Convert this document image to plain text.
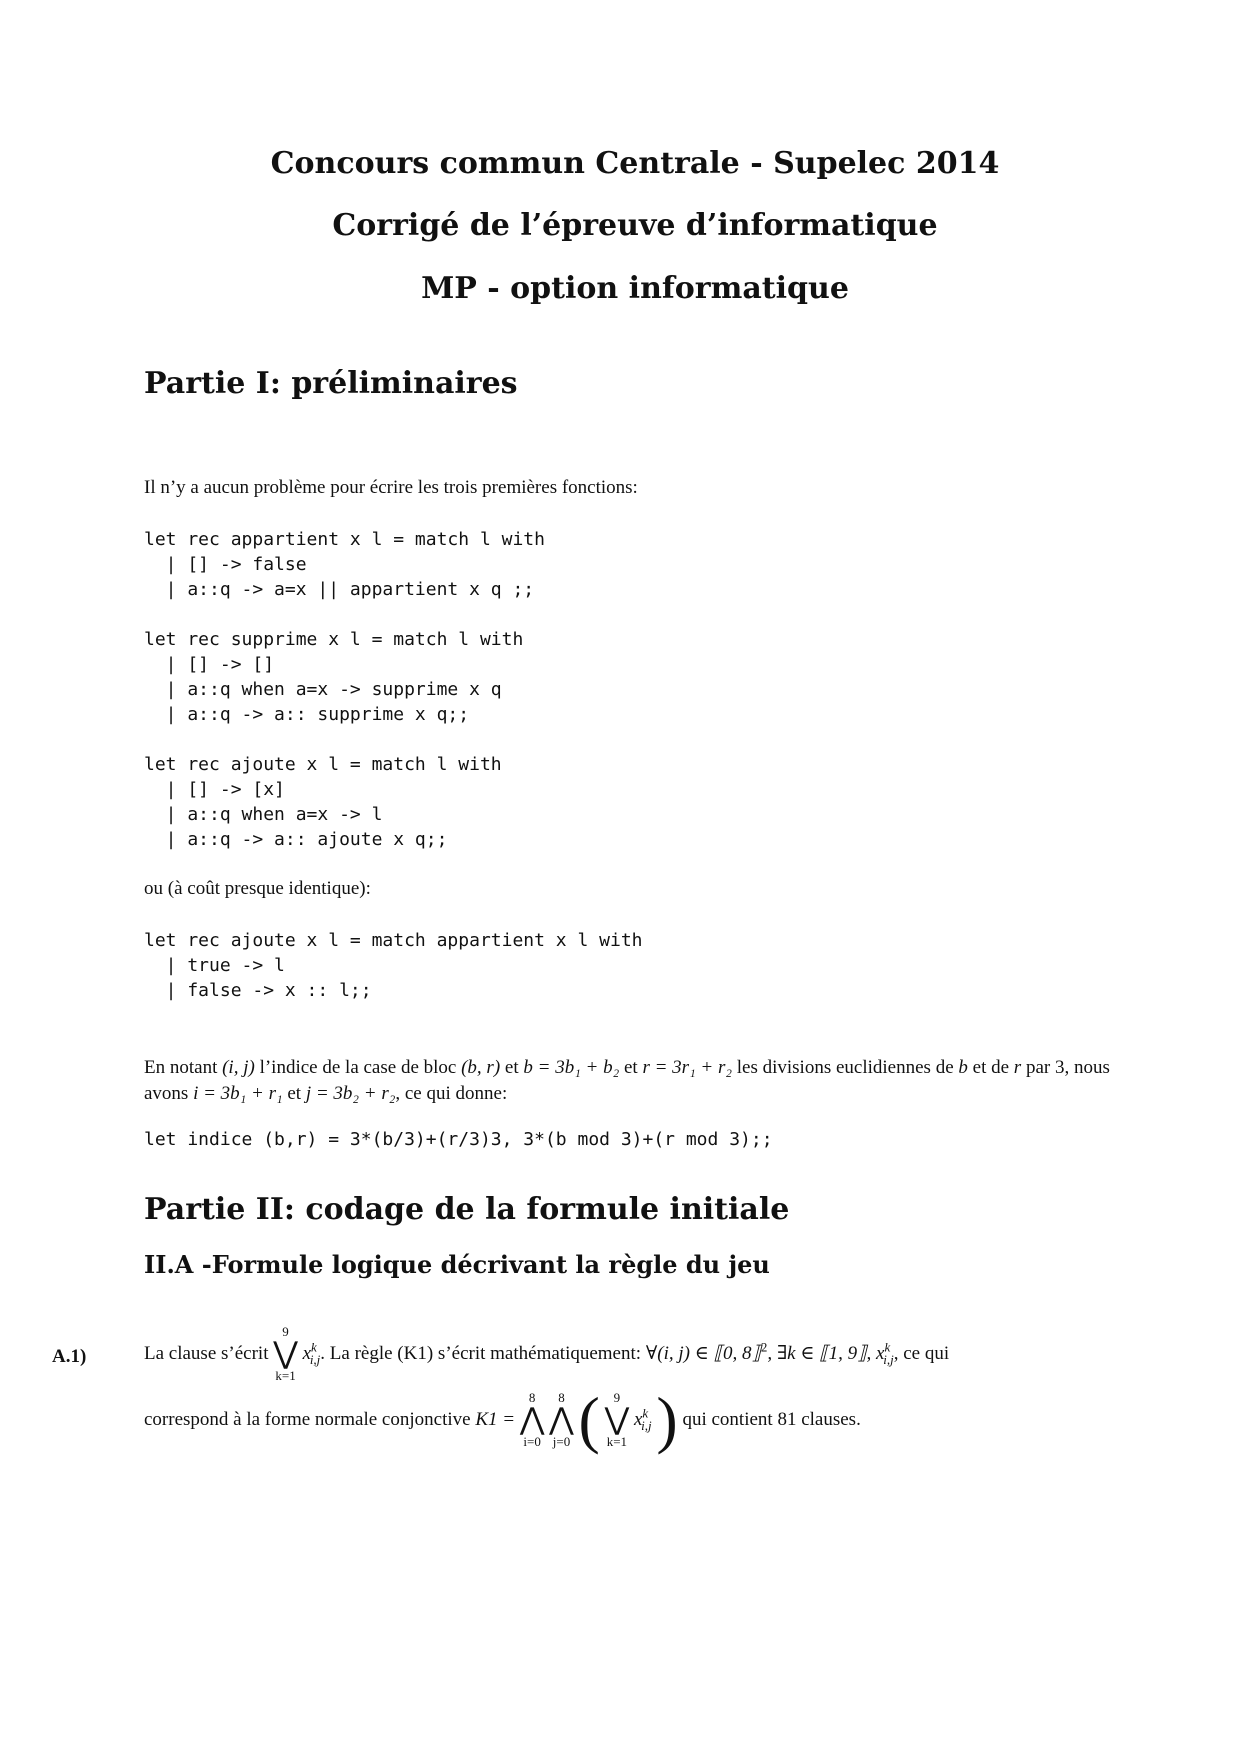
Concours commun Centrale - Supelec 2014
Corrigé de l’épreuve d’informatique
MP - option informatique
Partie I: préliminaires
Il n’y a aucun problème pour écrire les trois premières fonctions:
let rec appartient x l = match l with
| [] -> false
| a::q -> a=x || appartient x q ;;

let rec supprime x l = match l with
| [] -> []
| a::q when a=x -> supprime x q
| a::q -> a:: supprime x q;;

let rec ajoute x l = match l with
| [] -> [x]
| a::q when a=x -> l
| a::q -> a:: ajoute x q;;
ou (à coût presque identique):
let rec ajoute x l = match appartient x l with
| true -> l
| false -> x :: l;;
En notant (i, j) l’indice de la case de bloc (b, r) et b = 3b₁ + b₂ et r = 3r₁ + r₂ les divisions euclidiennes de b et de r par 3, nous avons i = 3b₁ + r₁ et j = 3b₂ + r₂, ce qui donne:
let indice (b,r) = 3*(b/3)+(r/3)3, 3*(b mod 3)+(r mod 3);;
Partie II: codage de la formule initiale
II.A -Formule logique décrivant la règle du jeu
A.1)	La clause s’écrit
9
⋁
k=1
$x^k_{i,j}$. La règle (K1) s’écrit mathématiquement: ∀(i, j) ∈ ⟦0, 8⟧$^2$, ∃k ∈ ⟦1, 9⟧, $x^k_{i,j}$, ce qui
correspond à la forme normale conjonctive K1 =
8
⋀
i=0

8
⋀
j=0 (	9
⋁
k=1
$x^k_{i,j}$ ) qui contient 81 clauses.
